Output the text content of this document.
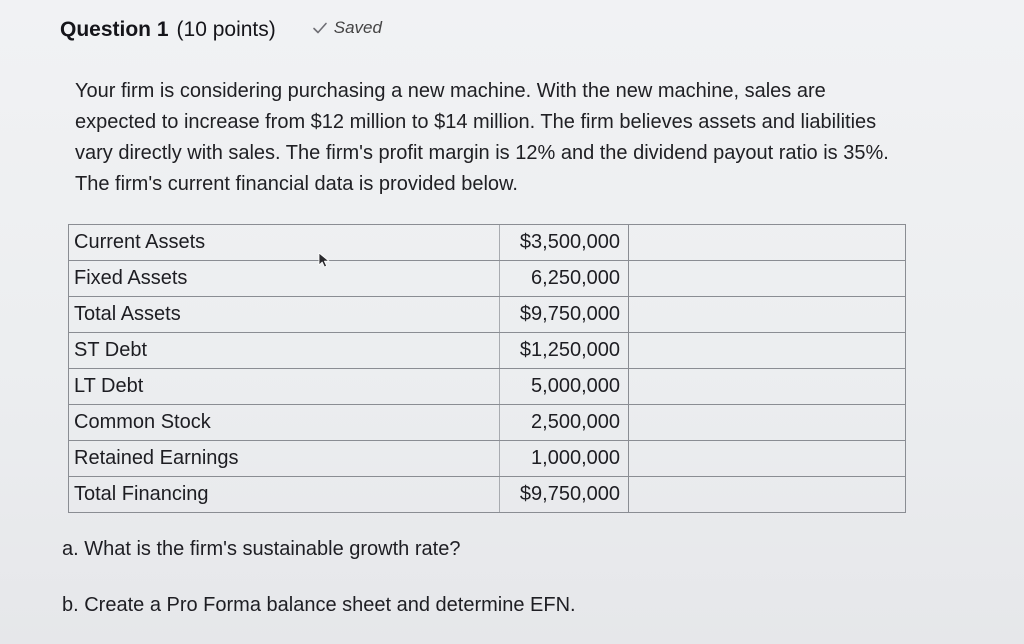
Question 1 (10 points)	Saved
Your firm is considering purchasing a new machine. With the new machine, sales are expected to increase from $12 million to $14 million. The firm believes assets and liabilities vary directly with sales. The firm's profit margin is 12% and the dividend payout ratio is 35%. The firm's current financial data is provided below.
Current Assets	$3,500,000	
Fixed Assets	6,250,000	
Total Assets	$9,750,000	
ST Debt	$1,250,000	
LT Debt	5,000,000	
Common Stock	2,500,000	
Retained Earnings	1,000,000	
Total Financing	$9,750,000	
a. What is the firm's sustainable growth rate?
b. Create a Pro Forma balance sheet and determine EFN.
